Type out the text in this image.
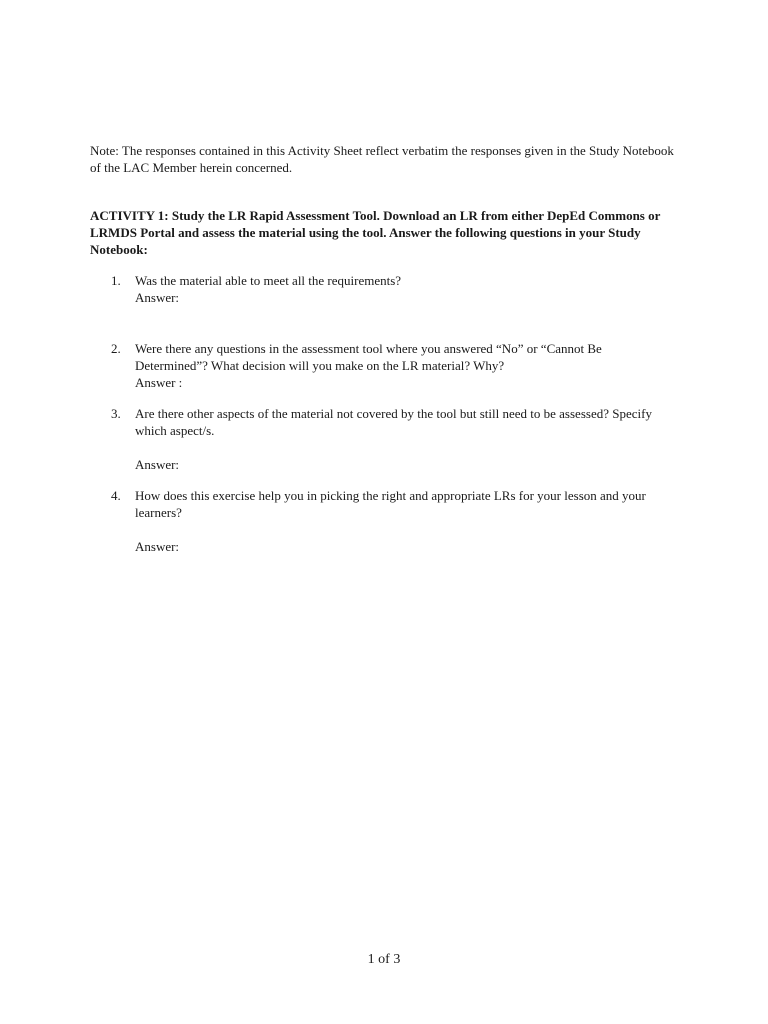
Note: The responses contained in this Activity Sheet reflect verbatim the responses given in the Study Notebook of the LAC Member herein concerned.

ACTIVITY 1: Study the LR Rapid Assessment Tool. Download an LR from either DepEd Commons or LRMDS Portal and assess the material using the tool. Answer the following questions in your Study Notebook:

1. Was the material able to meet all the requirements?
Answer:
2. Were there any questions in the assessment tool where you answered “No” or “Cannot Be Determined”? What decision will you make on the LR material? Why?
Answer :
3. Are there other aspects of the material not covered by the tool but still need to be assessed? Specify which aspect/s.
Answer:
4. How does this exercise help you in picking the right and appropriate LRs for your lesson and your learners?
Answer:
1 of 3
